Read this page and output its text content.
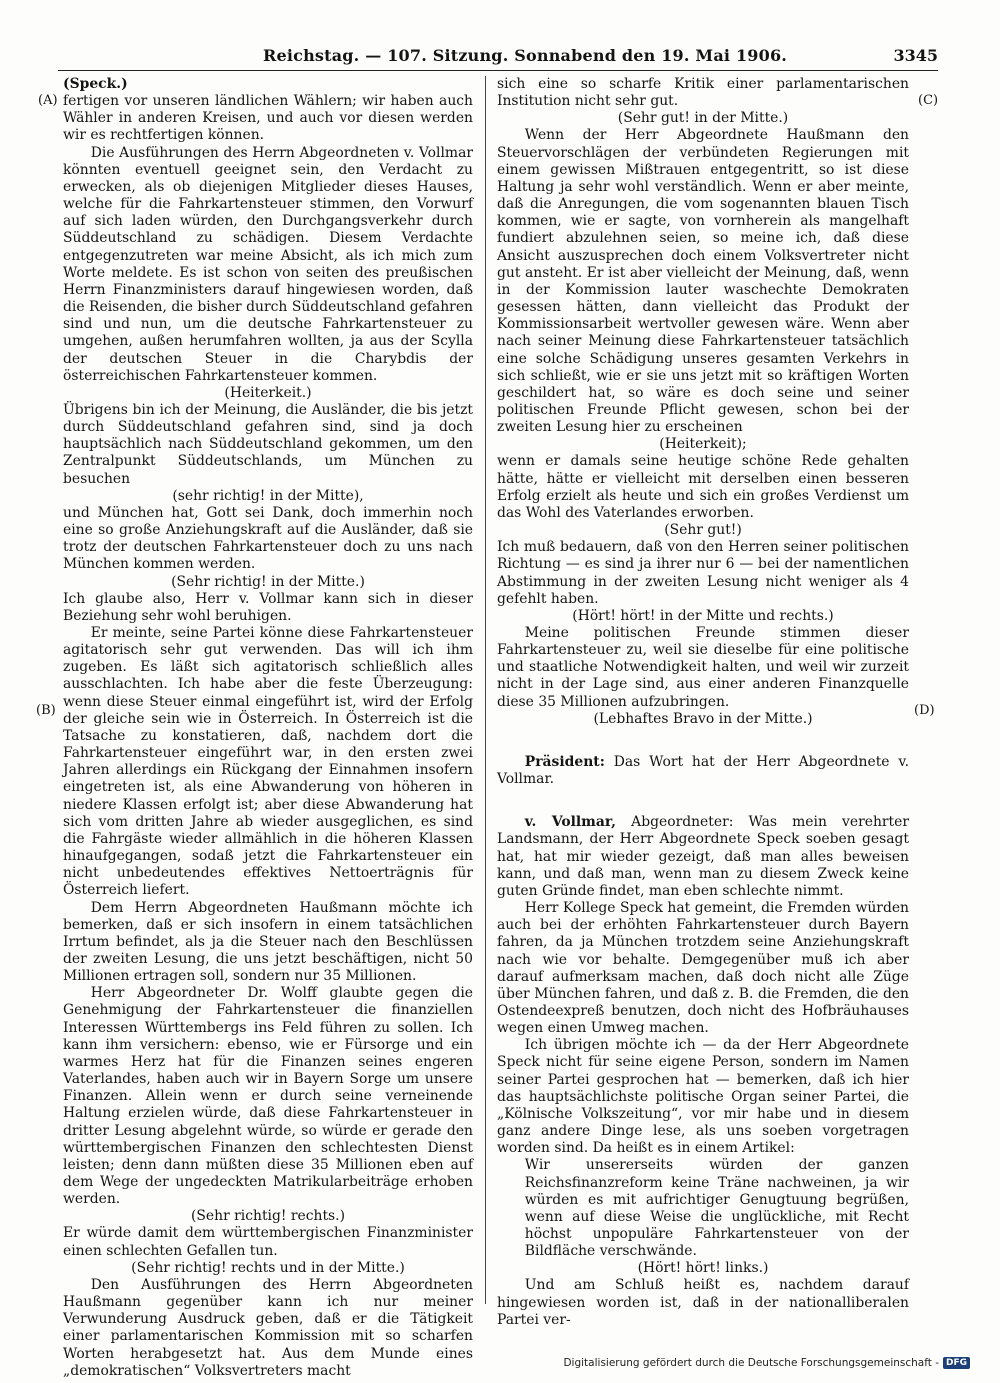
Reichstag. — 107. Sitzung. Sonnabend den 19. Mai 1906.	3345
(A)
(B)
(C)
(D)

(Speck.)

fertigen vor unseren ländlichen Wählern; wir haben auch Wähler in anderen Kreisen, und auch vor diesen werden wir es rechtfertigen können.

Die Ausführungen des Herrn Abgeordneten v. Vollmar könnten eventuell geeignet sein, den Verdacht zu erwecken, als ob diejenigen Mitglieder dieses Hauses, welche für die Fahrkartensteuer stimmen, den Vorwurf auf sich laden würden, den Durchgangsverkehr durch Süddeutschland zu schädigen. Diesem Verdachte entgegenzutreten war meine Absicht, als ich mich zum Worte meldete. Es ist schon von seiten des preußischen Herrn Finanzministers darauf hingewiesen worden, daß die Reisenden, die bisher durch Süddeutschland gefahren sind und nun, um die deutsche Fahrkartensteuer zu umgehen, außen herumfahren wollten, ja aus der Scylla der deutschen Steuer in die Charybdis der österreichischen Fahrkartensteuer kommen.

(Heiterkeit.)

Übrigens bin ich der Meinung, die Ausländer, die bis jetzt durch Süddeutschland gefahren sind, sind ja doch hauptsächlich nach Süddeutschland gekommen, um den Zentralpunkt Süddeutschlands, um München zu besuchen

(sehr richtig! in der Mitte),

und München hat, Gott sei Dank, doch immerhin noch eine so große Anziehungskraft auf die Ausländer, daß sie trotz der deutschen Fahrkartensteuer doch zu uns nach München kommen werden.

(Sehr richtig! in der Mitte.)

Ich glaube also, Herr v. Vollmar kann sich in dieser Beziehung sehr wohl beruhigen.

Er meinte, seine Partei könne diese Fahrkartensteuer agitatorisch sehr gut verwenden. Das will ich ihm zugeben. Es läßt sich agitatorisch schließlich alles ausschlachten. Ich habe aber die feste Überzeugung: wenn diese Steuer einmal eingeführt ist, wird der Erfolg der gleiche sein wie in Österreich. In Österreich ist die Tatsache zu konstatieren, daß, nachdem dort die Fahrkartensteuer eingeführt war, in den ersten zwei Jahren allerdings ein Rückgang der Einnahmen insofern eingetreten ist, als eine Abwanderung von höheren in niedere Klassen erfolgt ist; aber diese Abwanderung hat sich vom dritten Jahre ab wieder ausgeglichen, es sind die Fahrgäste wieder allmählich in die höheren Klassen hinaufgegangen, sodaß jetzt die Fahrkartensteuer ein nicht unbedeutendes effektives Nettoerträgnis für Österreich liefert.

Dem Herrn Abgeordneten Haußmann möchte ich bemerken, daß er sich insofern in einem tatsächlichen Irrtum befindet, als ja die Steuer nach den Beschlüssen der zweiten Lesung, die uns jetzt beschäftigen, nicht 50 Millionen ertragen soll, sondern nur 35 Millionen.

Herr Abgeordneter Dr. Wolff glaubte gegen die Genehmigung der Fahrkartensteuer die finanziellen Interessen Württembergs ins Feld führen zu sollen. Ich kann ihm versichern: ebenso, wie er Fürsorge und ein warmes Herz hat für die Finanzen seines engeren Vaterlandes, haben auch wir in Bayern Sorge um unsere Finanzen. Allein wenn er durch seine verneinende Haltung erzielen würde, daß diese Fahrkartensteuer in dritter Lesung abgelehnt würde, so würde er gerade den württembergischen Finanzen den schlechtesten Dienst leisten; denn dann müßten diese 35 Millionen eben auf dem Wege der ungedeckten Matrikularbeiträge erhoben werden.

(Sehr richtig! rechts.)

Er würde damit dem württembergischen Finanzminister einen schlechten Gefallen tun.

(Sehr richtig! rechts und in der Mitte.)

Den Ausführungen des Herrn Abgeordneten Haußmann gegenüber kann ich nur meiner Verwunderung Ausdruck geben, daß er die Tätigkeit einer parlamentarischen Kommission mit so scharfen Worten herabgesetzt hat. Aus dem Munde eines „demokratischen“ Volksvertreters macht

sich eine so scharfe Kritik einer parlamentarischen Institution nicht sehr gut.

(Sehr gut! in der Mitte.)

Wenn der Herr Abgeordnete Haußmann den Steuervorschlägen der verbündeten Regierungen mit einem gewissen Mißtrauen entgegentritt, so ist diese Haltung ja sehr wohl verständlich. Wenn er aber meinte, daß die Anregungen, die vom sogenannten blauen Tisch kommen, wie er sagte, von vornherein als mangelhaft fundiert abzulehnen seien, so meine ich, daß diese Ansicht auszusprechen doch einem Volksvertreter nicht gut ansteht. Er ist aber vielleicht der Meinung, daß, wenn in der Kommission lauter waschechte Demokraten gesessen hätten, dann vielleicht das Produkt der Kommissionsarbeit wertvoller gewesen wäre. Wenn aber nach seiner Meinung diese Fahrkartensteuer tatsächlich eine solche Schädigung unseres gesamten Verkehrs in sich schließt, wie er sie uns jetzt mit so kräftigen Worten geschildert hat, so wäre es doch seine und seiner politischen Freunde Pflicht gewesen, schon bei der zweiten Lesung hier zu erscheinen

(Heiterkeit);

wenn er damals seine heutige schöne Rede gehalten hätte, hätte er vielleicht mit derselben einen besseren Erfolg erzielt als heute und sich ein großes Verdienst um das Wohl des Vaterlandes erworben.

(Sehr gut!)

Ich muß bedauern, daß von den Herren seiner politischen Richtung — es sind ja ihrer nur 6 — bei der namentlichen Abstimmung in der zweiten Lesung nicht weniger als 4 gefehlt haben.

(Hört! hört! in der Mitte und rechts.)

Meine politischen Freunde stimmen dieser Fahrkartensteuer zu, weil sie dieselbe für eine politische und staatliche Notwendigkeit halten, und weil wir zurzeit nicht in der Lage sind, aus einer anderen Finanzquelle diese 35 Millionen aufzubringen.

(Lebhaftes Bravo in der Mitte.)

Präsident: Das Wort hat der Herr Abgeordnete v. Vollmar.

v. Vollmar, Abgeordneter: Was mein verehrter Landsmann, der Herr Abgeordnete Speck soeben gesagt hat, hat mir wieder gezeigt, daß man alles beweisen kann, und daß man, wenn man zu diesem Zweck keine guten Gründe findet, man eben schlechte nimmt.

Herr Kollege Speck hat gemeint, die Fremden würden auch bei der erhöhten Fahrkartensteuer durch Bayern fahren, da ja München trotzdem seine Anziehungskraft nach wie vor behalte. Demgegenüber muß ich aber darauf aufmerksam machen, daß doch nicht alle Züge über München fahren, und daß z. B. die Fremden, die den Ostendeexpreß benutzen, doch nicht des Hofbräuhauses wegen einen Umweg machen.

Ich übrigen möchte ich — da der Herr Abgeordnete Speck nicht für seine eigene Person, sondern im Namen seiner Partei gesprochen hat — bemerken, daß ich hier das hauptsächlichste politische Organ seiner Partei, die „Kölnische Volkszeitung“, vor mir habe und in diesem ganz andere Dinge lese, als uns soeben vorgetragen worden sind. Da heißt es in einem Artikel:

Wir unsererseits würden der ganzen Reichsfinanzreform keine Träne nachweinen, ja wir würden es mit aufrichtiger Genugtuung begrüßen, wenn auf diese Weise die unglückliche, mit Recht höchst unpopuläre Fahrkartensteuer von der Bildfläche verschwände.

(Hört! hört! links.)

Und am Schluß heißt es, nachdem darauf hingewiesen worden ist, daß in der nationalliberalen Partei ver-

Digitalisierung gefördert durch die Deutsche Forschungsgemeinschaft - DFG
